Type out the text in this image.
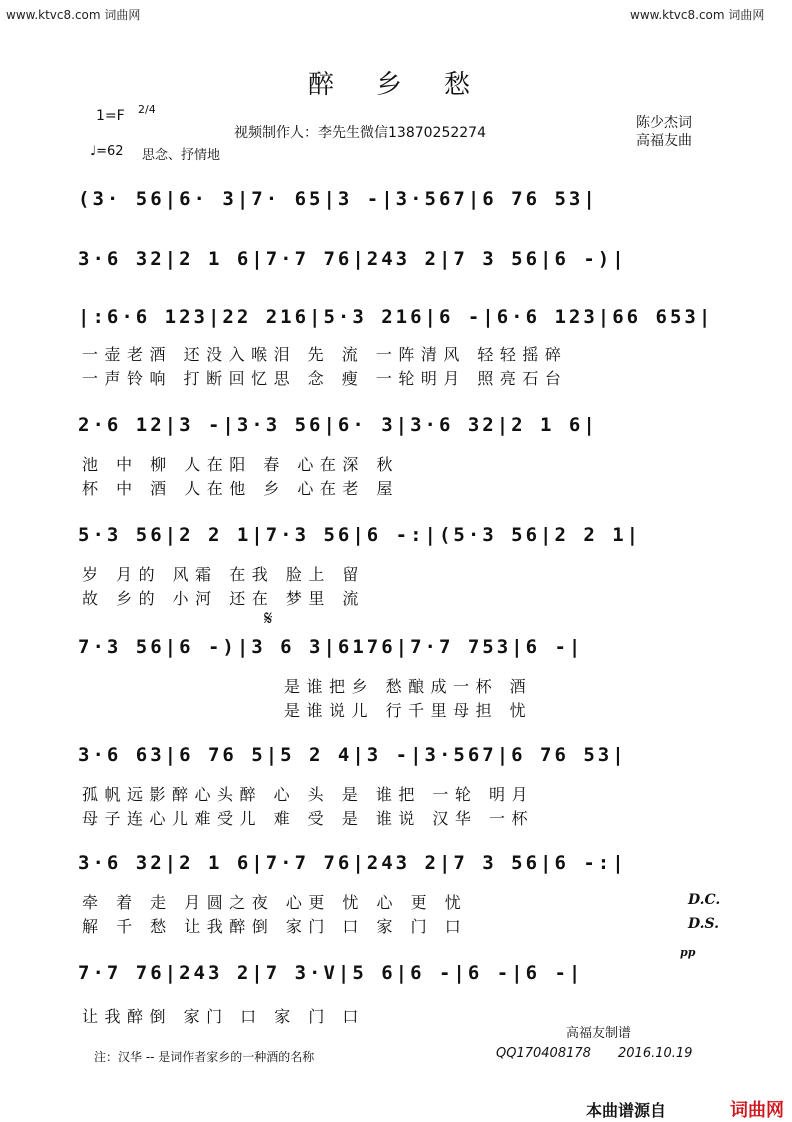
www.ktvc8.com 词曲网	www.ktvc8.com 词曲网
醉乡愁
1=F 2/4
视频制作人：李先生微信13870252274
陈少杰词
高福友曲
♩=62 思念、抒情地
(3· 56|6· 3|7· 65|3 -|3·567|6 76 53|
3·6 32|2 1 6|7·7 76|243 2|7 3 56|6 -)|
|:6·6 123|22 216|5·3 216|6 -|6·6 123|66 653|
一壶老酒 还没入喉泪 先 流 一阵清风 轻轻摇碎
一声铃响 打断回忆思 念 瘦 一轮明月 照亮石台
2·6 12|3 -|3·3 56|6· 3|3·6 32|2 1 6|
池 中 柳 人在阳 春 心在深 秋
杯 中 酒 人在他 乡 心在老 屋
5·3 56|2 2 1|7·3 56|6 -:|(5·3 56|2 2 1|
岁 月的 风霜 在我 脸上 留
故 乡的 小河 还在 梦里 流
𝄋
7·3 56|6 -)|3 6 3|6176|7·7 753|6 -|
是谁把乡 愁酿成一杯 酒
是谁说儿 行千里母担 忧
3·6 63|6 76 5|5 2 4|3 -|3·567|6 76 53|
孤帆远影醉心头醉 心 头 是 谁把 一轮 明月
母子连心儿难受儿 难 受 是 谁说 汉华 一杯
3·6 32|2 1 6|7·7 76|243 2|7 3 56|6 -:|
牵 着 走 月圆之夜 心更 忧 心 更 忧
解 千 愁 让我醉倒 家门 口 家 门 口
D.C.
D.S.
7·7 76|243 2|7 3·V|5 6|6 -|6 -|6 -|
让我醉倒 家门 口 家 门 口
pp
高福友制谱
QQ170408178 2016.10.19
注：汉华 -- 是词作者家乡的一种酒的名称
本曲谱源自	词曲网
